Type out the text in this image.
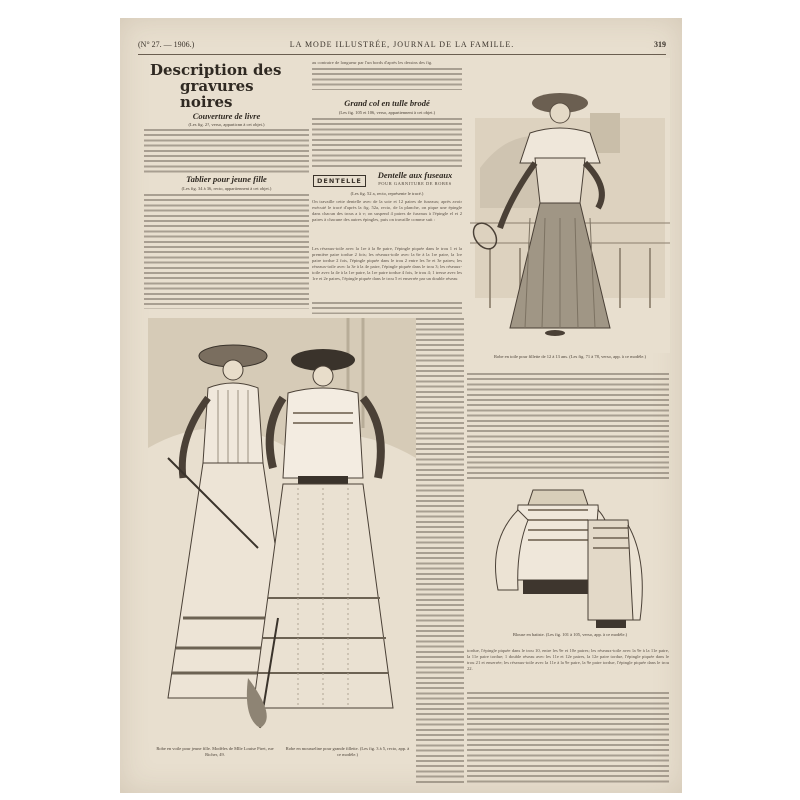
(N° 27. — 1906.)	LA MODE ILLUSTRÉE, JOURNAL DE LA FAMILLE.	319
Description des
gravures noires
Couverture de livre
(Les fig. 2?, verso, apparticnn à cet objet.)
Tablier pour jeune fille
(Les fig. 34 à 36, recto, appartiennent à cet objet.)
au contraire de longueur par l'un bords d'après les dessins des fig.
Grand col en tulle brodé
(Les fig. 105 et 106, verso, appartiennent à cet objet.)
DENTELLE
Dentelle aux fuseaux
POUR GARNITURE DE ROBES
(Les fig. 52 a, recto, représente le tracé.)
On travaille cette dentelle avec de la soie et 12 paires de fuseaux; après avoir exécuté le tracé d'après la fig. 52a, recto, de la planche, on pique une épingle dans chacun des trous a à v; on suspend 4 paires de fuseaux à l'épingle el et 2 paires à chacune des autres épingles, puis on travaille comme suit :
Les réseaux-toile avec la 1re à la 8e paire, l'épingle piquée dans le trou 1 et la première paire tordue 2 fois; les réseaux-toile avec la 6e à la 1re paire, la 1re paire tordue 2 fois, l'épingle piquée dans le trou 2 entre les 5e et 3e paires; les réseaux-toile avec la 3e à la 4e paire, l'épingle piquée dans le trou 3; les réseaux-toile avec la 4e à la 1re paire, la 1re paire tordue 4 fois, le trou 4; 1 tresse avec les 1re et 2e paires, l'épingle piquée dans le trou 5 et enserrée par un double réseau
Robe en toile pour fillette de 12 à 13 ans. (Les fig. 71 à 78, verso, app. à ce modèle.)
Blouse en batiste. (Les fig. 101 à 105, verso, app. à ce modèle.)
tordue, l'épingle piquée dans le trou 10, entre les 9e et 10e paires; les réseaux-toile avec la 9e à la 11e paire, la 11e paire tordue; 1 double réseau avec les 11e et 12e paires, la 12e paire tordue, l'épingle piquée dans le trou 21 et enserrée; les réseaux-toile avec la 11e à la 9e paire, la 9e paire tordue, l'épingle piquée dans le trou 22.
Robe en voile pour jeune fille. Modèles de Mlle Louise Piret, rue Richer, 49.
Robe en mousseline pour grande fillette. (Les fig. 3 à 5, recto, app. à ce modèle.)
